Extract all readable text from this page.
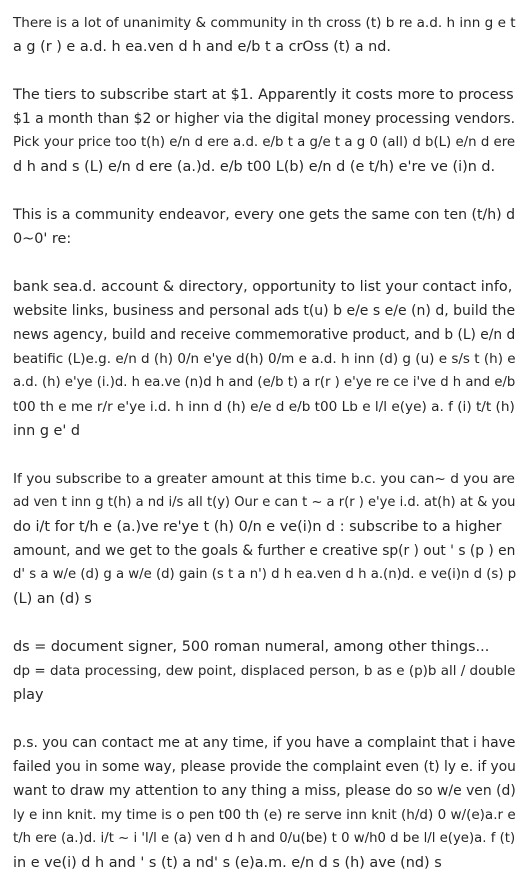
There is a lot of unanimity & community in th cross (t) b re a.d. h inn g e t
a g (r ) e a.d. h ea.ven d h and e/b t a crOss (t) a nd.

The tiers to subscribe start at $1. Apparently it costs more to process
$1 a month than $2 or higher via the digital money processing vendors.
Pick your price too t(h) e/n d ere a.d. e/b t a g/e t a g 0 (all) d b(L) e/n d ere
d h and s (L) e/n d ere (a.)d. e/b t00 L(b) e/n d (e t/h) e're ve (i)n d.

This is a community endeavor, every one gets the same con ten (t/h) d
0~0' re:

bank sea.d. account & directory, opportunity to list your contact info,
website links, business and personal ads t(u) b e/e s e/e (n) d, build the
news agency, build and receive commemorative product, and b (L) e/n d
beatific (L)e.g. e/n d (h) 0/n e'ye d(h) 0/m e a.d. h inn (d) g (u) e s/s t (h) e
a.d. (h) e'ye (i.)d. h ea.ve (n)d h and (e/b t) a r(r ) e'ye re ce i've d h and e/b
t00 th e me r/r e'ye i.d. h inn d (h) e/e d e/b t00 Lb e l/l e(ye) a. f (i) t/t (h)
inn g e' d

If you subscribe to a greater amount at this time b.c. you can~ d you are
ad ven t inn g t(h) a nd i/s all t(y) Our e can t ~ a r(r ) e'ye i.d. at(h) at & you
do i/t for t/h e (a.)ve re'ye t (h) 0/n e ve(i)n d : subscribe to a higher
amount, and we get to the goals & further e creative sp(r ) out ' s (p ) en
d' s a w/e (d) g a w/e (d) gain (s t a n') d h ea.ven d h a.(n)d. e ve(i)n d (s) p
(L) an (d) s

ds = document signer, 500 roman numeral, among other things...
dp = data processing, dew point, displaced person, b as e (p)b all / double
play

p.s. you can contact me at any time, if you have a complaint that i have
failed you in some way, please provide the complaint even (t) ly e. if you
want to draw my attention to any thing a miss, please do so w/e ven (d)
ly e inn knit. my time is o pen t00 th (e) re serve inn knit (h/d) 0 w/(e)a.r e
t/h ere (a.)d. i/t ~ i 'l/l e (a) ven d h and 0/u(be) t 0 w/h0 d be l/l e(ye)a. f (t)
in e ve(i) d h and ' s (t) a nd' s (e)a.m. e/n d s (h) ave (nd) s
